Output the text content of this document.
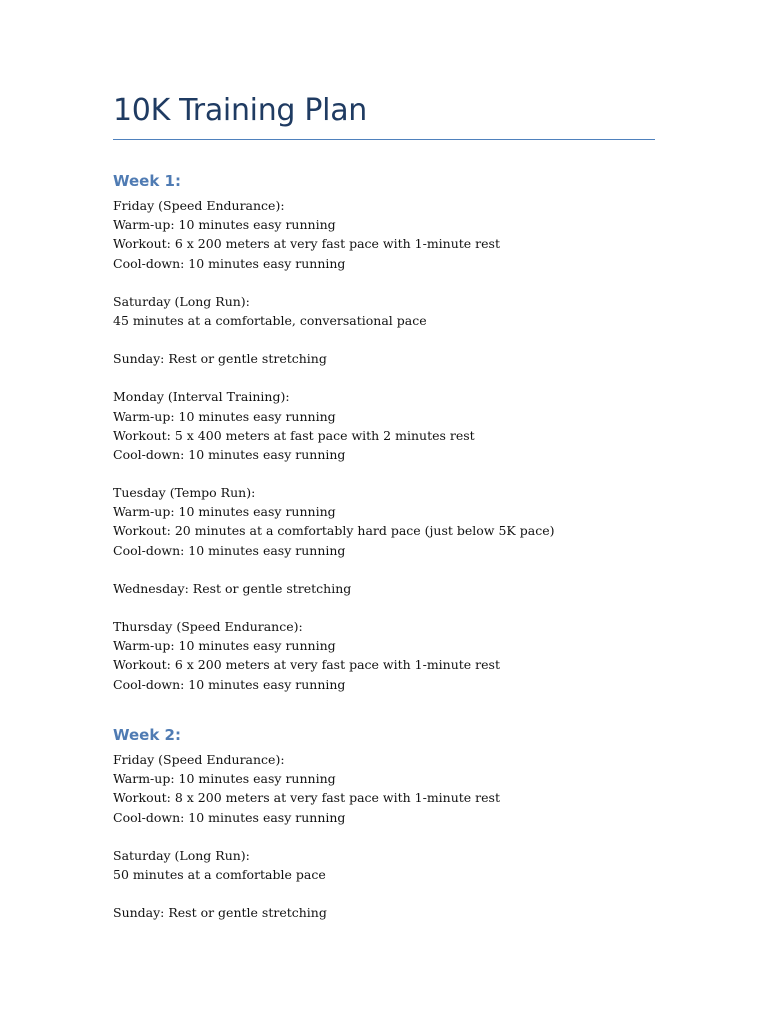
10K Training Plan
Week 1:
Friday (Speed Endurance):
Warm-up: 10 minutes easy running
Workout: 6 x 200 meters at very fast pace with 1-minute rest
Cool-down: 10 minutes easy running
Saturday (Long Run):
45 minutes at a comfortable, conversational pace
Sunday: Rest or gentle stretching
Monday (Interval Training):
Warm-up: 10 minutes easy running
Workout: 5 x 400 meters at fast pace with 2 minutes rest
Cool-down: 10 minutes easy running
Tuesday (Tempo Run):
Warm-up: 10 minutes easy running
Workout: 20 minutes at a comfortably hard pace (just below 5K pace)
Cool-down: 10 minutes easy running
Wednesday: Rest or gentle stretching
Thursday (Speed Endurance):
Warm-up: 10 minutes easy running
Workout: 6 x 200 meters at very fast pace with 1-minute rest
Cool-down: 10 minutes easy running
Week 2:
Friday (Speed Endurance):
Warm-up: 10 minutes easy running
Workout: 8 x 200 meters at very fast pace with 1-minute rest
Cool-down: 10 minutes easy running
Saturday (Long Run):
50 minutes at a comfortable pace
Sunday: Rest or gentle stretching
